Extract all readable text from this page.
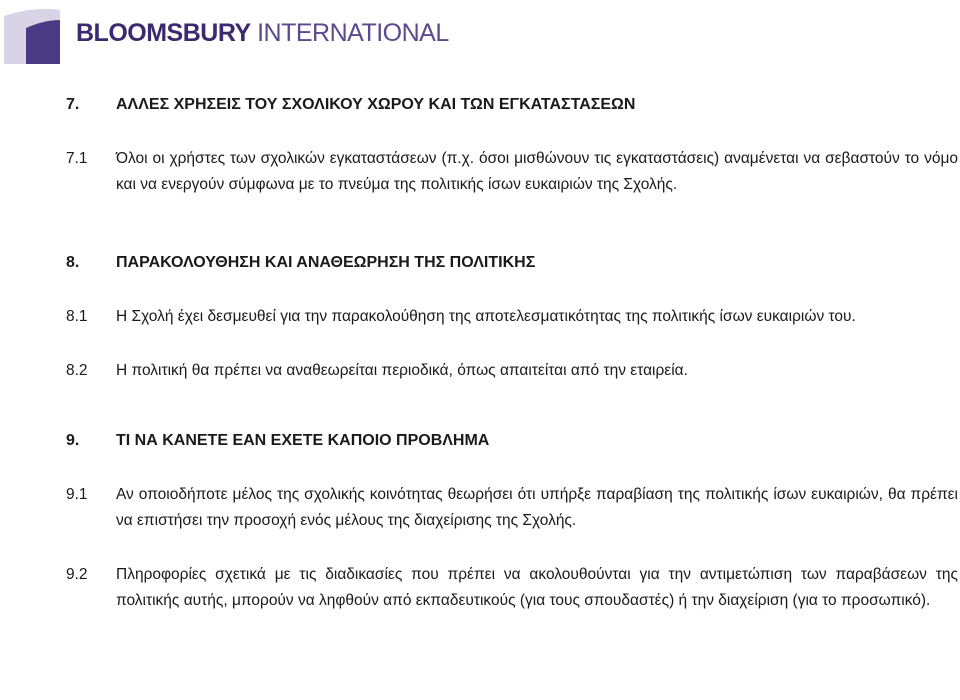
BLOOMSBURY INTERNATIONAL
7. ΑΛΛΕΣ ΧΡΗΣΕΙΣ ΤΟΥ ΣΧΟΛΙΚΟΥ ΧΩΡΟΥ ΚΑΙ ΤΩΝ ΕΓΚΑΤΑΣΤΑΣΕΩΝ
7.1 Όλοι οι χρήστες των σχολικών εγκαταστάσεων (π.χ. όσοι μισθώνουν τις εγκαταστάσεις) αναμένεται να σεβαστούν το νόμο και να ενεργούν σύμφωνα με το πνεύμα της πολιτικής ίσων ευκαιριών της Σχολής.
8. ΠΑΡΑΚΟΛΟΥΘΗΣΗ ΚΑΙ ΑΝΑΘΕΩΡΗΣΗ ΤΗΣ ΠΟΛΙΤΙΚΗΣ
8.1 Η Σχολή έχει δεσμευθεί για την παρακολούθηση της αποτελεσματικότητας της πολιτικής ίσων ευκαιριών του.
8.2 Η πολιτική θα πρέπει να αναθεωρείται περιοδικά, όπως απαιτείται από την εταιρεία.
9. ΤΙ ΝΑ ΚΑΝΕΤΕ ΕΑΝ ΕΧΕΤΕ ΚΑΠΟΙΟ ΠΡΟΒΛΗΜΑ
9.1 Αν οποιοδήποτε μέλος της σχολικής κοινότητας θεωρήσει ότι υπήρξε παραβίαση της πολιτικής ίσων ευκαιριών, θα πρέπει να επιστήσει την προσοχή ενός μέλους της διαχείρισης της Σχολής.
9.2 Πληροφορίες σχετικά με τις διαδικασίες που πρέπει να ακολουθούνται για την αντιμετώπιση των παραβάσεων της πολιτικής αυτής, μπορούν να ληφθούν από εκπαδευτικούς (για τους σπουδαστές) ή την διαχείριση (για το προσωπικό).
